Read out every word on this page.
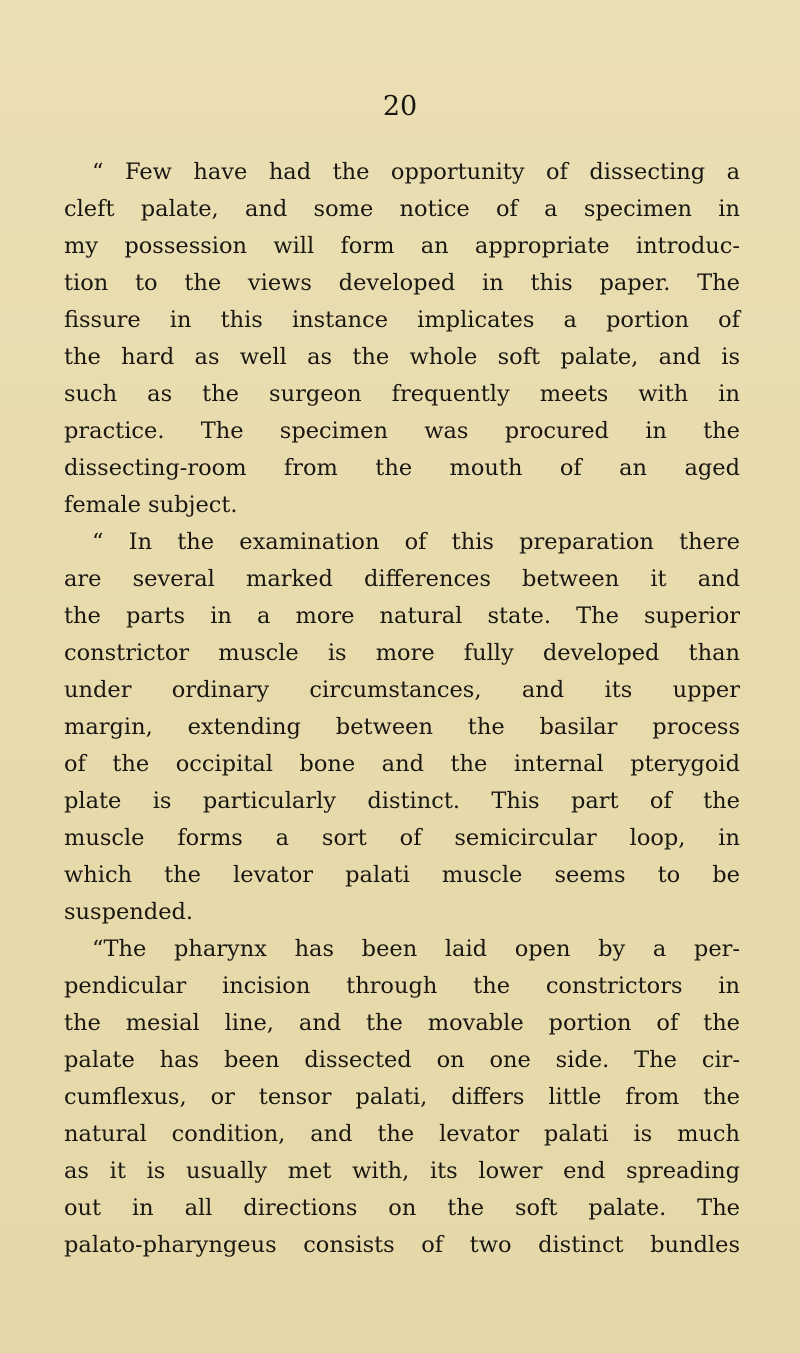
20
“ Few have had the opportunity of dissecting a
cleft palate, and some notice of a specimen in
my possession will form an appropriate introduc-
tion to the views developed in this paper. The
fissure in this instance implicates a portion of
the hard as well as the whole soft palate, and is
such as the surgeon frequently meets with in
practice. The specimen was procured in the
dissecting-room from the mouth of an aged
female subject.
“ In the examination of this preparation there
are several marked differences between it and
the parts in a more natural state. The superior
constrictor muscle is more fully developed than
under ordinary circumstances, and its upper
margin, extending between the basilar process
of the occipital bone and the internal pterygoid
plate is particularly distinct. This part of the
muscle forms a sort of semicircular loop, in
which the levator palati muscle seems to be
suspended.
“The pharynx has been laid open by a per-
pendicular incision through the constrictors in
the mesial line, and the movable portion of the
palate has been dissected on one side. The cir-
cumflexus, or tensor palati, differs little from the
natural condition, and the levator palati is much
as it is usually met with, its lower end spreading
out in all directions on the soft palate. The
palato-pharyngeus consists of two distinct bundles
